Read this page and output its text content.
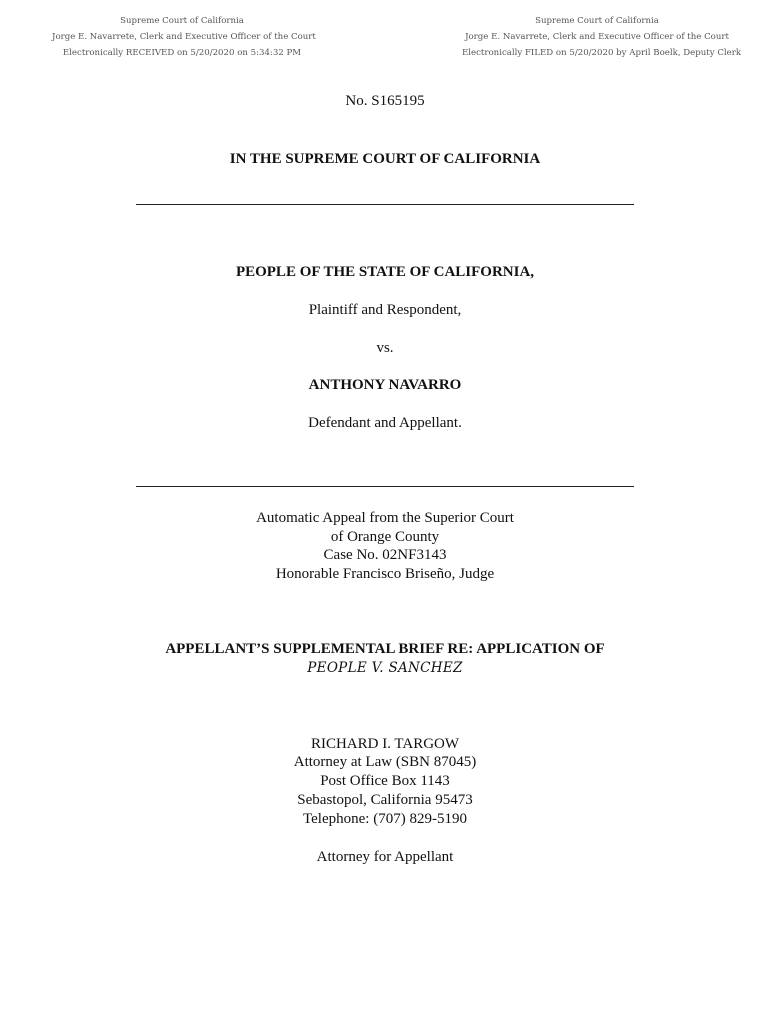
Supreme Court of California
Jorge E. Navarrete, Clerk and Executive Officer of the Court
Electronically RECEIVED on 5/20/2020 on 5:34:32 PM
Supreme Court of California
Jorge E. Navarrete, Clerk and Executive Officer of the Court
Electronically FILED on 5/20/2020 by April Boelk, Deputy Clerk
No. S165195
IN THE SUPREME COURT OF CALIFORNIA
PEOPLE OF THE STATE OF CALIFORNIA,
Plaintiff and Respondent,
vs.
ANTHONY NAVARRO
Defendant and Appellant.
Automatic Appeal from the Superior Court
of Orange County
Case No. 02NF3143
Honorable Francisco Briseño, Judge
APPELLANT’S SUPPLEMENTAL BRIEF RE: APPLICATION OF
PEOPLE V. SANCHEZ
RICHARD I. TARGOW
Attorney at Law (SBN 87045)
Post Office Box 1143
Sebastopol, California 95473
Telephone: (707) 829-5190
Attorney for Appellant
